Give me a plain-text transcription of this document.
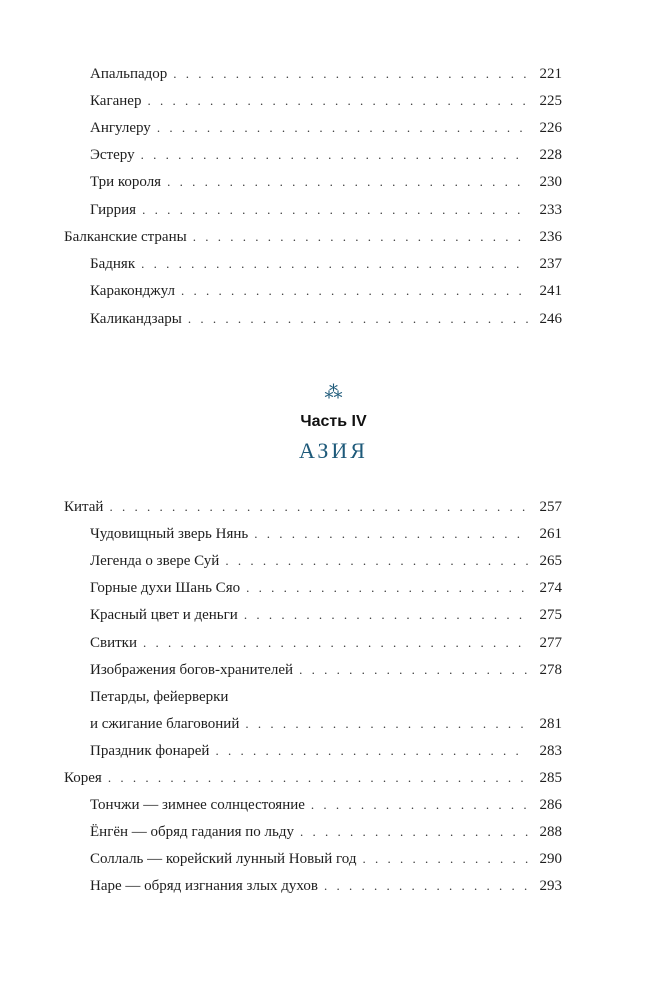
Апальпадор . . .	221
Каганер . . .	225
Ангулеру . . .	226
Эстеру . . .	228
Три короля . . .	230
Гиррия . . .	233
Балканские страны . . .	236
Бадняк . . .	237
Караконджул . . .	241
Каликандзары . . .	246
⁂
Часть IV
АЗИЯ
Китай . . .	257
Чудовищный зверь Нянь . . .	261
Легенда о звере Суй . . .	265
Горные духи Шань Сяо . . .	274
Красный цвет и деньги . . .	275
Свитки . . .	277
Изображения богов-хранителей . . .	278
Петарды, фейерверки
и сжигание благовоний . . .	281
Праздник фонарей . . .	283
Корея . . .	285
Тончжи — зимнее солнцестояние . . .	286
Ёнгён — обряд гадания по льду . . .	288
Соллаль — корейский лунный Новый год . . .	290
Наре — обряд изгнания злых духов . . .	293
